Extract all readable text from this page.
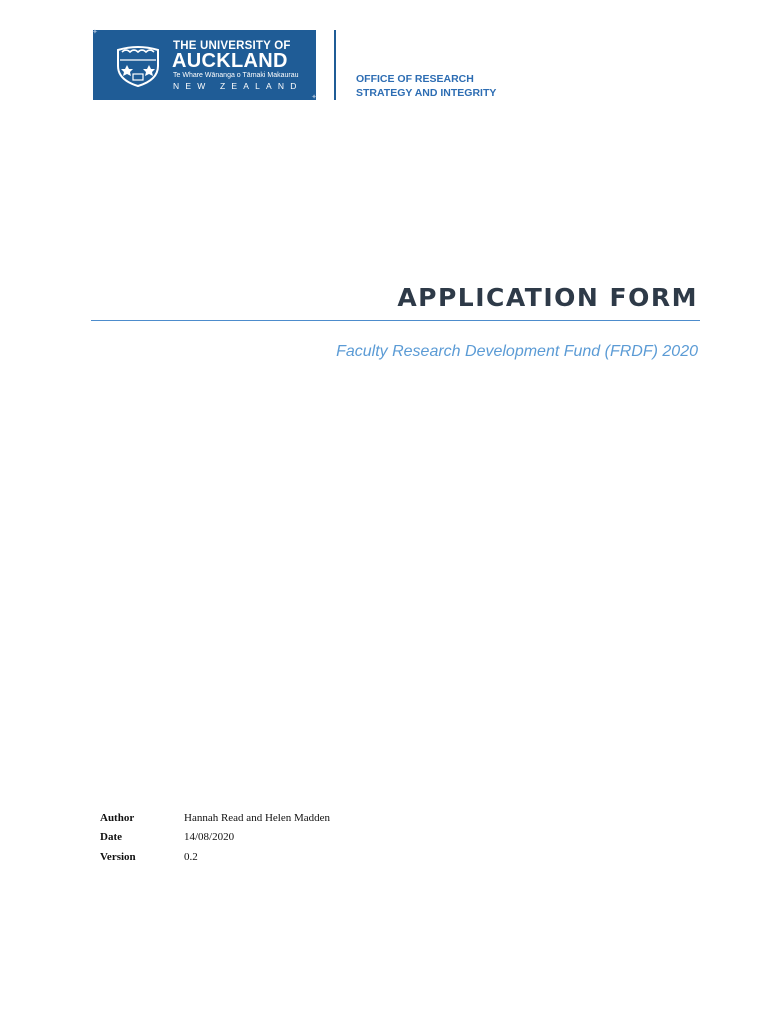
✦
THE UNIVERSITY OF
AUCKLAND
Te Whare Wānanga o Tāmaki Makaurau
NEW ZEALAND
✦
OFFICE OF RESEARCH
STRATEGY AND INTEGRITY
APPLICATION FORM
Faculty Research Development Fund (FRDF) 2020
Author	Hannah Read and Helen Madden
Date	14/08/2020
Version	0.2
